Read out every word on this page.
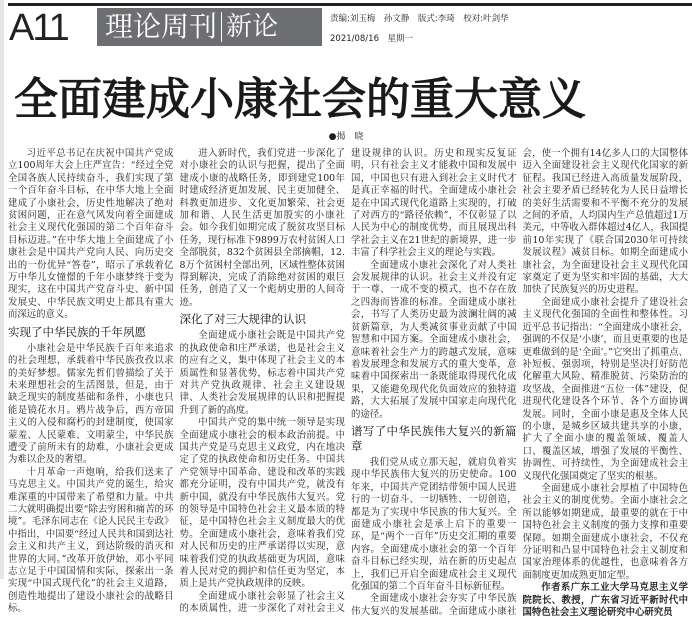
A11 理论周刊 新论	责编:刘玉梅　孙文静　版式:李琦　校对:叶剑华
2021/08/16　星期一
全面建成小康社会的重大意义
●揭　晓

习近平总书记在庆祝中国共产党成立100周年大会上庄严宣告：“经过全党全国各族人民持续奋斗，我们实现了第一个百年奋斗目标，在中华大地上全面建成了小康社会，历史性地解决了绝对贫困问题，正在意气风发向着全面建成社会主义现代化强国的第二个百年奋斗目标迈进。”在中华大地上全面建成了小康社会是中国共产党向人民、向历史交出的一份优异“答卷”，昭示了承载着亿万中华儿女憧憬的千年小康梦终于变为现实，这在中国共产党奋斗史、新中国发展史、中华民族文明史上都具有重大而深远的意义。

实现了中华民族的千年夙愿

小康社会是中华民族千百年来追求的社会理想，承载着中华民族孜孜以求的美好梦想。儒家先哲们曾描绘了关于未来理想社会的生活图景，但是，由于缺乏现实的制度基础和条件，小康也只能是镜花水月。鸦片战争后，西方帝国主义的入侵和腐朽的封建制度，使国家蒙羞、人民蒙难、文明蒙尘，中华民族遭受了前所未有的劫难，小康社会更成为难以企及的奢望。

十月革命一声炮响，给我们送来了马克思主义。中国共产党的诞生，给灾难深重的中国带来了希望和力量。中共二大就明确提出要“除去穷困和痛苦的环境”。毛泽东同志在《论人民民主专政》中指出，中国要“经过人民共和国到达社会主义和共产主义，到达阶级的消灭和世界的大同。”改革开放伊始，邓小平同志立足于中国国情和实际，探索出一条实现“中国式现代化”的社会主义道路，创造性地提出了建设小康社会的战略目标。

进入新时代，我们党进一步深化了对小康社会的认识与把握，提出了全面建成小康的战略任务，即到建党100年时建成经济更加发展、民主更加健全、科教更加进步、文化更加繁荣、社会更加和谐、人民生活更加殷实的小康社会。如今我们如期完成了脱贫攻坚目标任务，现行标准下9899万农村贫困人口全部脱贫，832个贫困县全部摘帽，12.8万个贫困村全部出列，区域性整体贫困得到解决，完成了消除绝对贫困的艰巨任务，创造了又一个彪炳史册的人间奇迹。

深化了对三大规律的认识

全面建成小康社会既是中国共产党的执政使命和庄严承诺，也是社会主义的应有之义，集中体现了社会主义的本质属性和显著优势，标志着中国共产党对共产党执政规律、社会主义建设规律、人类社会发展规律的认识和把握提升到了新的高度。

中国共产党的集中统一领导是实现全面建成小康社会的根本政治前提。中国共产党是马克思主义政党，内在地决定了党的执政使命和历史任务。中国共产党领导中国革命、建设和改革的实践都充分证明，没有中国共产党，就没有新中国，就没有中华民族伟大复兴。党的领导是中国特色社会主义最本质的特征，是中国特色社会主义制度最大的优势。全面建成小康社会，意味着我们党对人民和历史的庄严承诺得以实现，意味着我们党的执政基础更为巩固，意味着人民对党的拥护和信任更为坚定，本质上是共产党执政规律的反映。

全面建成小康社会彰显了社会主义的本质属性，进一步深化了对社会主义建设规律的认识。历史和现实反复证明，只有社会主义才能救中国和发展中国，中国也只有进入到社会主义时代才是真正幸福的时代。全面建成小康社会是在中国式现代化道路上实现的，打破了对西方的“路径依赖”，不仅彰显了以人民为中心的制度优势，而且展现出科学社会主义在21世纪的新境界，进一步丰富了科学社会主义的理论与实践。

全面建成小康社会深化了对人类社会发展规律的认识。社会主义并没有定于一尊、一成不变的模式，也不存在放之四海而皆准的标准。全面建成小康社会，书写了人类历史最为波澜壮阔的减贫新篇章，为人类减贫事业贡献了中国智慧和中国方案。全面建成小康社会，意味着社会生产力的跨越式发展，意味着发展理念和发展方式的重大变革，意味着中国探索出一条既能取得现代化成果，又能避免现代化负面效应的独特道路，大大拓展了发展中国家走向现代化的途径。

谱写了中华民族伟大复兴的新篇章

我们党从成立那天起，就肩负着实现中华民族伟大复兴的历史使命。100年来，中国共产党团结带领中国人民进行的一切奋斗、一切牺牲、一切创造，都是为了实现中华民族的伟大复兴。全面建成小康社会是承上启下的重要一环，是“两个一百年”历史交汇期的重要内容。全面建成小康社会的第一个百年奋斗目标已经实现，站在新的历史起点上，我们已开启全面建成社会主义现代化强国的第二个百年奋斗目标新征程。

全面建成小康社会夯实了中华民族伟大复兴的发展基础。全面建成小康社会，使一个拥有14亿多人口的大国整体迈入全面建设社会主义现代化国家的新征程。我国已经进入高质量发展阶段，社会主要矛盾已经转化为人民日益增长的美好生活需要和不平衡不充分的发展之间的矛盾，人均国内生产总值超过1万美元，中等收入群体超过4亿人，我国提前10年实现了《联合国2030年可持续发展议程》减贫目标。如期全面建成小康社会，为全面建设社会主义现代化国家奠定了更为坚实和牢固的基础，大大加快了民族复兴的历史进程。

全面建成小康社会提升了建设社会主义现代化强国的全面性和整体性。习近平总书记指出：“全面建成小康社会，强调的不仅是‘小康’，而且更重要的也是更难做到的是‘全面’。”它突出了抓重点、补短板、强弱项，特别是坚决打好防范化解重大风险、精准脱贫、污染防治的攻坚战，全面推进“五位一体”建设，促进现代化建设各个环节、各个方面协调发展。同时，全面小康是惠及全体人民的小康，是城乡区域共建共享的小康，扩大了全面小康的覆盖领域、覆盖人口、覆盖区域，增强了发展的平衡性、协调性、可持续性，为全面建成社会主义现代化强国奠定了坚实的根基。

全面建成小康社会厚植了中国特色社会主义的制度优势。全面小康社会之所以能够如期建成，最重要的就在于中国特色社会主义制度的强力支撑和重要保障。如期全面建成小康社会，不仅充分证明和凸显中国特色社会主义制度和国家治理体系的优越性，也意味着各方面制度更加成熟更加定型。

作者系广东工业大学马克思主义学院院长、教授，广东省习近平新时代中国特色社会主义理论研究中心研究员
